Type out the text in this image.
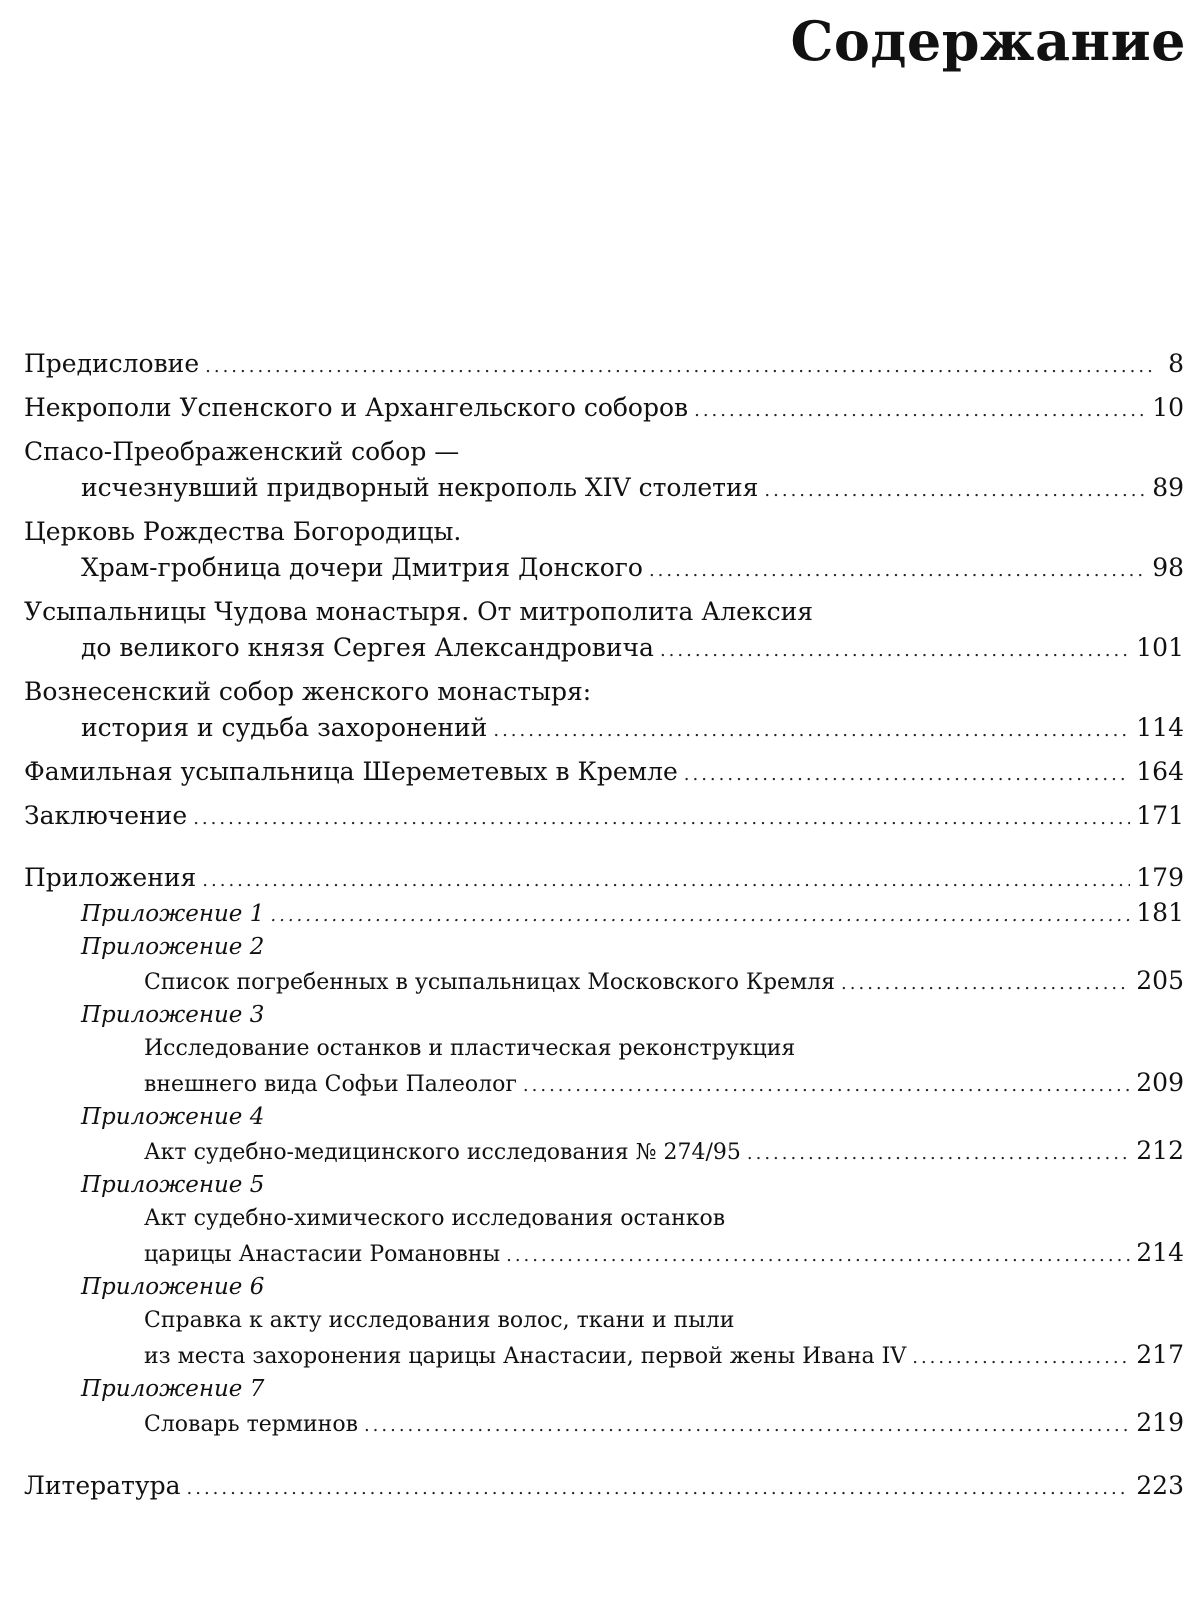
Содержание
Предисловие .....	8
Некрополи Успенского и Архангельского соборов .....	10
Спасо-Преображенский собор —
исчезнувший придворный некрополь XIV столетия .....	89
Церковь Рождества Богородицы.
Храм-гробница дочери Дмитрия Донского .....	98
Усыпальницы Чудова монастыря. От митрополита Алексия
до великого князя Сергея Александровича .....	101
Вознесенский собор женского монастыря:
история и судьба захоронений .....	114
Фамильная усыпальница Шереметевых в Кремле .....	164
Заключение .....	171
Приложения .....	179
Приложение 1 .....	181
Приложение 2
Список погребенных в усыпальницах Московского Кремля .....	205
Приложение 3
Исследование останков и пластическая реконструкция
внешнего вида Софьи Палеолог .....	209
Приложение 4
Акт судебно-медицинского исследования № 274/95 .....	212
Приложение 5
Акт судебно-химического исследования останков
царицы Анастасии Романовны .....	214
Приложение 6
Справка к акту исследования волос, ткани и пыли
из места захоронения царицы Анастасии, первой жены Ивана IV .....	217
Приложение 7
Словарь терминов .....	219
Литература .....	223
